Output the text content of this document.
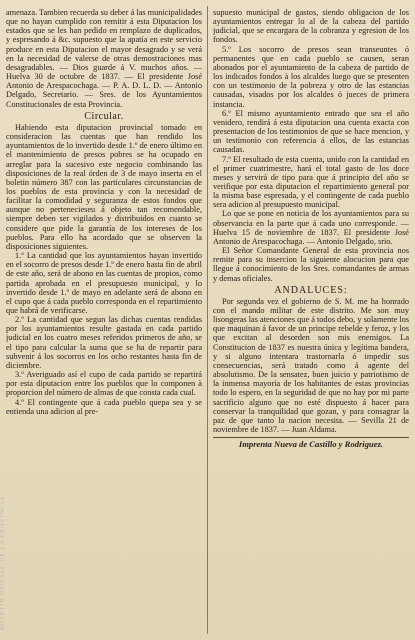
amenaza. Tambien recuerda su deber á las municipalidades que no hayan cumplido con remitir á esta Diputacion los estados que se les han pedido en remplazo de duplicados, y espresando á &c. supuesto que la apatía en este servicio produce en esta Diputacion el mayor desagrado y se verá en la necesidad de valerse de otras demostraciones mas desagradables. — Dios guarde á V. muchos años. — Huelva 30 de octubre de 1837. — El presidente José Antonio de Arespacochaga. — P. A. D. L. D. — Antonio Delgado, Secretario. — Sres. de los Ayuntamientos Constitucionales de esta Provincia.

Circular.

Habiendo esta diputacion provincial tomado en consideracion las cuentas que han rendido los ayuntamientos de lo invertido desde 1.º de enero último en el mantenimiento de presos pobres se ha ocupado en arreglar para la sucesivo este negocio combinando las disposiciones de la real órden de 3 de mayo inserta en el boletin número 387 con las particulares circunstancias de los pueblos de esta provincia y con la necesidad de facilitar la comodidad y seguranza de estos fondos que aunque no pertenecieseu á objeto tan recomendable, siempre deben ser vigilados y distribuidos en cuanto se considere que pide la garantía de los intereses de los pueblos. Para ello ha acordado que se observen la disposiciones siguientes.

1.º La cantidad que los ayuntamientos hayan invertido en el socorro de presos desde 1.º de enero hasta fin de abril de este año, será de abono en las cuentas de propios, como partida aprobada en el presupuesto municipal, y lo invertido desde 1.º de mayo en adelante será de abono en el cupo que á cada pueblo corresponda en el repartimiento que habrá de verificarse.

2.º La cantidad que segun las dichas cuentas rendidas por los ayuntamientos resulte gastada en cada partido judicial en los cuatro meses referidos primeros de año, se el tipo para calcular la suma que se ha de repartir para subvenir á los socorros en los ocho restantes hasta fin de diciembre.

3.º Averiguado así el cupo de cada partido se repartirá por esta diputacion entre los pueblos que lo componen à proporcion del número de almas de que consta cada cual.

4.º El contingente que á cada pueblo quepa sea y se entienda una adicion al pre-

supuesto municipal de gastos, siendo obligacion de los ayuntamientos entregar lo al de la cabeza del partido judicial, que se encargara de la cobranza y egresion de los fondos.

5.º Los socorro de presos sean transeuntes ó permanentes que en cada pueblo se causen, seran abonados por el ayuntamiento de la cabeza de partido de los indicados fondos à los alcaldes luego que se presenten con un testimonio de la pobreza y otro de las estancias causadas, visados por los alcaldes ó jueces de primera instancia.

6.º El mismo ayuntamiento entrado que sea el año venidero, rendirá á esta diputacion una cuenta exacta con presentacion de los testimonios de que se hace mencion, y un testimonio con referencia á ellos, de las estancias causadas.

7.º El resultado de esta cuenta, unido con la cantidad en el primer cuatrimestre, hará el total gasto de los doce meses y servirá de tipo para que á principio del año se verifique por esta diputacion el repartimiento general por la misma base espresada, y el contingente de cada pueblo sera adicion al presupuesto municipal.

Lo que se pone en noticia de los ayuntamientos para su observancia en la parte que á cada uno corresponde. — Huelva 15 de noviembre de 1837. El presidente José Antonio de Arespacochaga. — Antonio Delgado, srio.

El Señor Comandante General de esta provincia nos remite para su insercion la siguiente alocucion para que llegue á conocimiento de los Sres. comandantes de armas y demas oficiales.

ANDALUCES:

Por segunda vez el gobierno de S. M. me ha honrado con el mando militar de este distrito. Me son muy lisongeras las atenciones que á todos debo, y solamente los que maquinan á favor de un principe rebelde y feroz, y los que excitan al desorden son mis enemigos. La Constitucion de 1837 es nuestra única y legítima bandera, y si alguno intentara trastornarla ó impedir sus consecuencias, será tratado como á agente del absolutismo. De la sensatez, buen juicio y patriotismo de la inmensa mayoría de los habitantes de estas provincias todo lo espero, en la seguridad de que no hay por mi parte sacrificio alguno que no esté dispuesto á hacer para conservar la tranquilidad que gozan, y para consagrar la paz de que tanto la nacion necesita. — Sevilla 21 de noviembre de 1837. — Juan Aldama.

Imprenta Nueva de Castillo y Rodriguez.
BOLETÍN OFICIAL DE LA PROVINCIA
